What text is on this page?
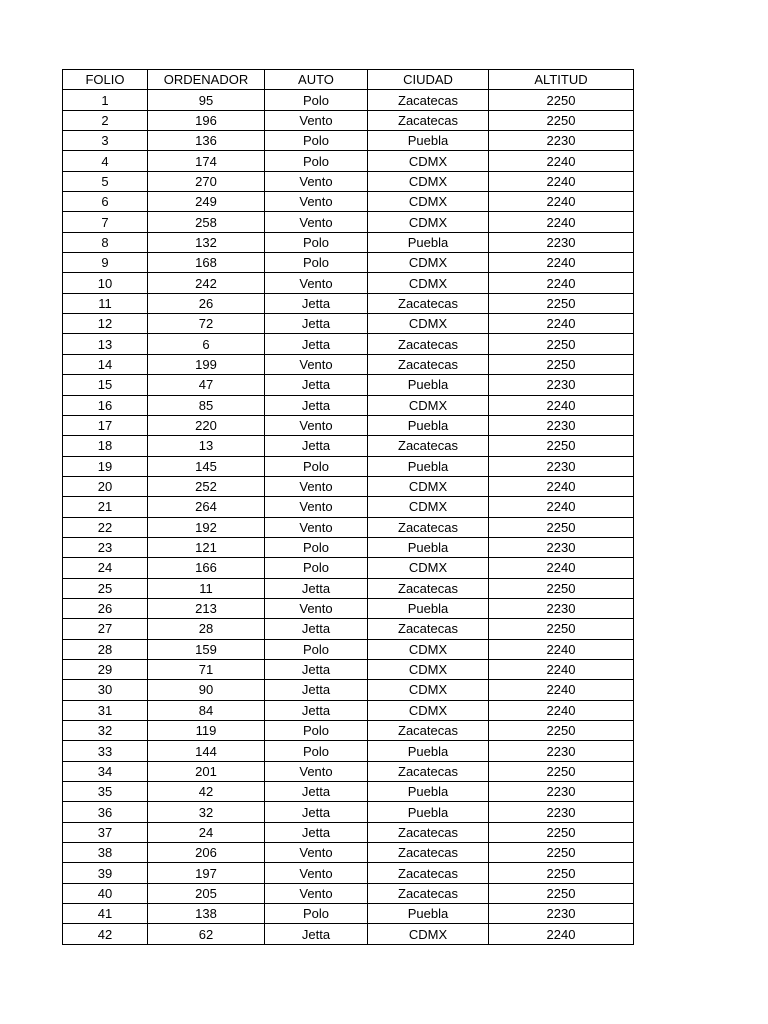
FOLIO	ORDENADOR	AUTO	CIUDAD	ALTITUD
1	95	Polo	Zacatecas	2250
2	196	Vento	Zacatecas	2250
3	136	Polo	Puebla	2230
4	174	Polo	CDMX	2240
5	270	Vento	CDMX	2240
6	249	Vento	CDMX	2240
7	258	Vento	CDMX	2240
8	132	Polo	Puebla	2230
9	168	Polo	CDMX	2240
10	242	Vento	CDMX	2240
11	26	Jetta	Zacatecas	2250
12	72	Jetta	CDMX	2240
13	6	Jetta	Zacatecas	2250
14	199	Vento	Zacatecas	2250
15	47	Jetta	Puebla	2230
16	85	Jetta	CDMX	2240
17	220	Vento	Puebla	2230
18	13	Jetta	Zacatecas	2250
19	145	Polo	Puebla	2230
20	252	Vento	CDMX	2240
21	264	Vento	CDMX	2240
22	192	Vento	Zacatecas	2250
23	121	Polo	Puebla	2230
24	166	Polo	CDMX	2240
25	11	Jetta	Zacatecas	2250
26	213	Vento	Puebla	2230
27	28	Jetta	Zacatecas	2250
28	159	Polo	CDMX	2240
29	71	Jetta	CDMX	2240
30	90	Jetta	CDMX	2240
31	84	Jetta	CDMX	2240
32	119	Polo	Zacatecas	2250
33	144	Polo	Puebla	2230
34	201	Vento	Zacatecas	2250
35	42	Jetta	Puebla	2230
36	32	Jetta	Puebla	2230
37	24	Jetta	Zacatecas	2250
38	206	Vento	Zacatecas	2250
39	197	Vento	Zacatecas	2250
40	205	Vento	Zacatecas	2250
41	138	Polo	Puebla	2230
42	62	Jetta	CDMX	2240
